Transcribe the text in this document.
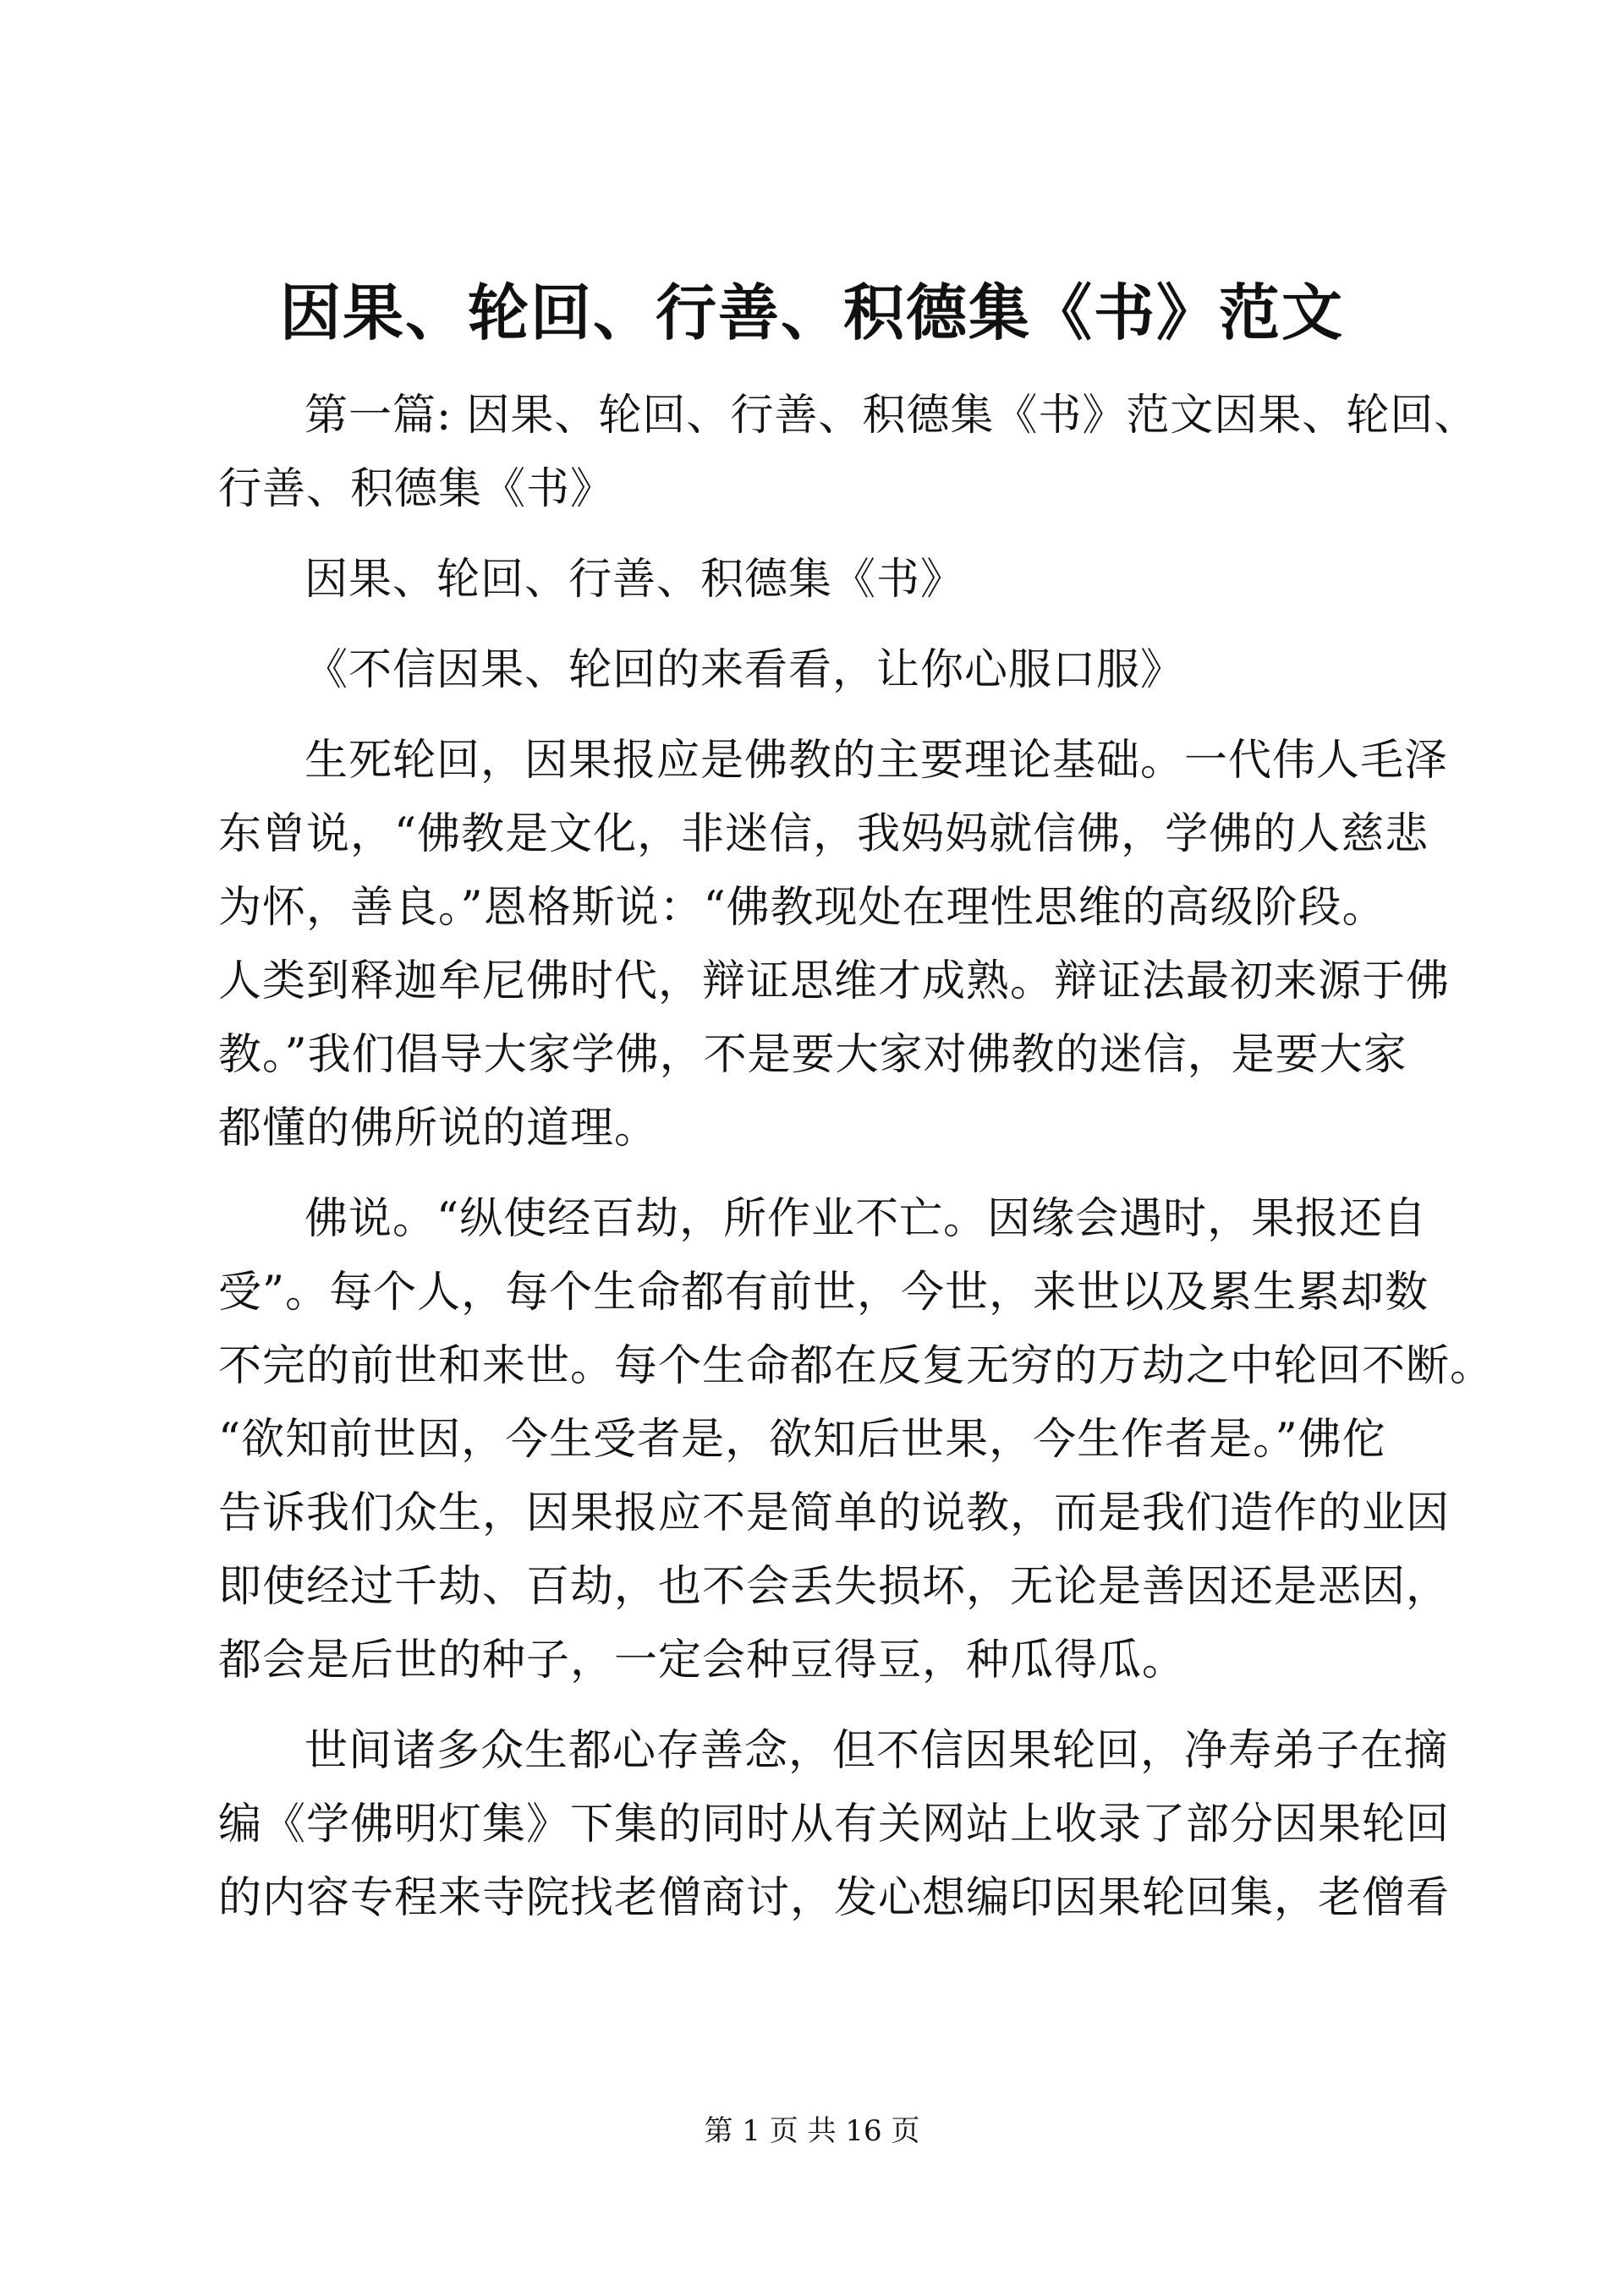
因果、轮回、行善、积德集《书》范文
第一篇: 因果、轮回、行善、积德集《书》范文因果、轮回、
行善、积德集《书》
因果、轮回、行善、积德集《书》
《不信因果、轮回的来看看，让你心服口服》
生死轮回，因果报应是佛教的主要理论基础。一代伟人毛泽
东曾说，“佛教是文化，非迷信，我妈妈就信佛，学佛的人慈悲
为怀，善良。”恩格斯说：“佛教现处在理性思维的高级阶段。
人类到释迦牟尼佛时代，辩证思维才成熟。辩证法最初来源于佛
教。”我们倡导大家学佛，不是要大家对佛教的迷信，是要大家
都懂的佛所说的道理。
佛说。“纵使经百劫，所作业不亡。因缘会遇时，果报还自
受”。每个人，每个生命都有前世，今世，来世以及累生累却数
不完的前世和来世。每个生命都在反复无穷的万劫之中轮回不断。
“欲知前世因，今生受者是，欲知后世果，今生作者是。”佛佗
告诉我们众生，因果报应不是简单的说教，而是我们造作的业因
即使经过千劫、百劫，也不会丢失损坏，无论是善因还是恶因，
都会是后世的种子，一定会种豆得豆，种瓜得瓜。
世间诸多众生都心存善念，但不信因果轮回，净寿弟子在摘
编《学佛明灯集》下集的同时从有关网站上收录了部分因果轮回
的内容专程来寺院找老僧商讨，发心想编印因果轮回集，老僧看
第 1 页 共 16 页
